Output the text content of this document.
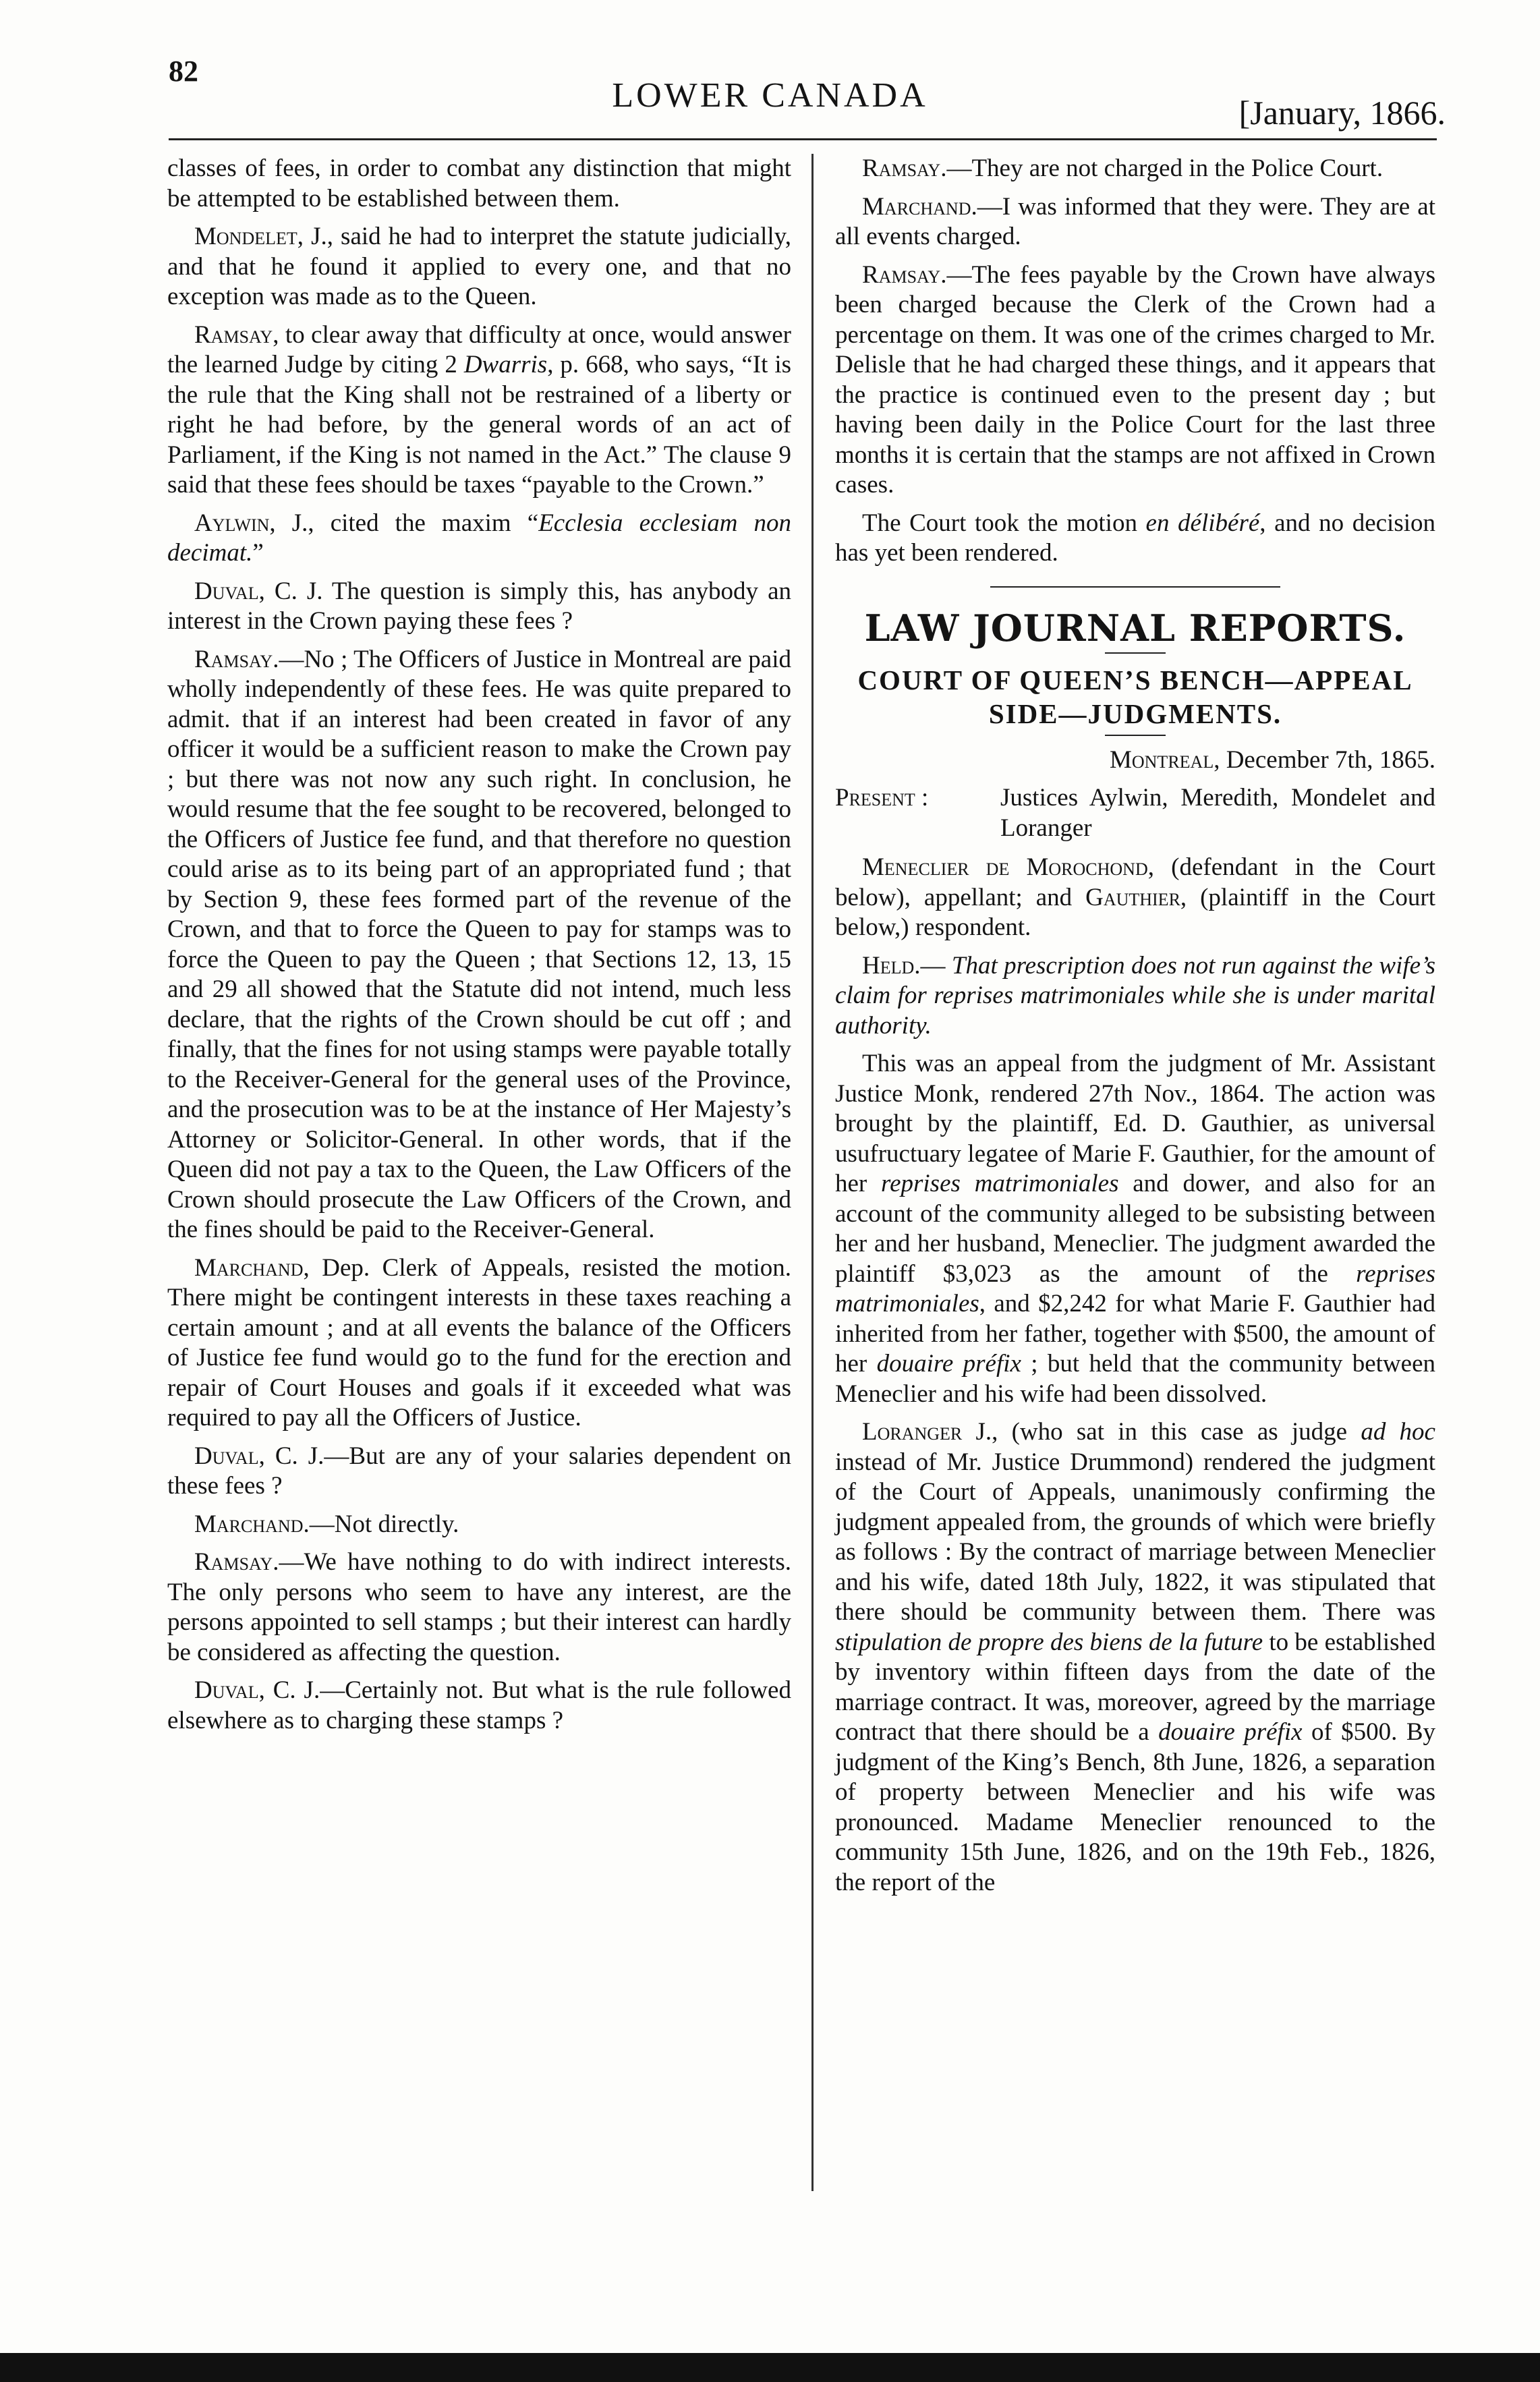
82
LOWER CANADA	[January, 1866.

classes of fees, in order to combat any distinction that might be attempted to be established between them.

Mondelet, J., said he had to interpret the statute judicially, and that he found it applied to every one, and that no exception was made as to the Queen.

Ramsay, to clear away that difficulty at once, would answer the learned Judge by citing 2 Dwarris, p. 668, who says, “It is the rule that the King shall not be restrained of a liberty or right he had before, by the general words of an act of Parliament, if the King is not named in the Act.” The clause 9 said that these fees should be taxes “payable to the Crown.”

Aylwin, J., cited the maxim “Ecclesia ecclesiam non decimat.”

Duval, C. J. The question is simply this, has anybody an interest in the Crown paying these fees ?

Ramsay.—No ; The Officers of Justice in Montreal are paid wholly independently of these fees. He was quite prepared to admit. that if an interest had been created in favor of any officer it would be a sufficient reason to make the Crown pay ; but there was not now any such right. In conclusion, he would resume that the fee sought to be recovered, belonged to the Officers of Justice fee fund, and that therefore no question could arise as to its being part of an appropriated fund ; that by Section 9, these fees formed part of the revenue of the Crown, and that to force the Queen to pay for stamps was to force the Queen to pay the Queen ; that Sections 12, 13, 15 and 29 all showed that the Statute did not intend, much less declare, that the rights of the Crown should be cut off ; and finally, that the fines for not using stamps were payable totally to the Receiver-General for the general uses of the Province, and the prosecution was to be at the instance of Her Majesty’s Attorney or Solicitor-General. In other words, that if the Queen did not pay a tax to the Queen, the Law Officers of the Crown should prosecute the Law Officers of the Crown, and the fines should be paid to the Receiver-General.

Marchand, Dep. Clerk of Appeals, resisted the motion. There might be contingent interests in these taxes reaching a certain amount ; and at all events the balance of the Officers of Justice fee fund would go to the fund for the erection and repair of Court Houses and goals if it exceeded what was required to pay all the Officers of Justice.

Duval, C. J.—But are any of your salaries dependent on these fees ?

Marchand.—Not directly.

Ramsay.—We have nothing to do with indirect interests. The only persons who seem to have any interest, are the persons appointed to sell stamps ; but their interest can hardly be considered as affecting the question.

Duval, C. J.—Certainly not. But what is the rule followed elsewhere as to charging these stamps ?

Ramsay.—They are not charged in the Police Court.

Marchand.—I was informed that they were. They are at all events charged.

Ramsay.—The fees payable by the Crown have always been charged because the Clerk of the Crown had a percentage on them. It was one of the crimes charged to Mr. Delisle that he had charged these things, and it appears that the practice is continued even to the present day ; but having been daily in the Police Court for the last three months it is certain that the stamps are not affixed in Crown cases.

The Court took the motion en délibéré, and no decision has yet been rendered.

LAW JOURNAL REPORTS.
COURT OF QUEEN’S BENCH—APPEAL SIDE—JUDGMENTS.

Montreal, December 7th, 1865.

Present :	Justices Aylwin, Meredith, Mondelet and Loranger

Meneclier de Morochond, (defendant in the Court below), appellant; and Gauthier, (plaintiff in the Court below,) respondent.

Held.— That prescription does not run against the wife’s claim for reprises matrimoniales while she is under marital authority.

This was an appeal from the judgment of Mr. Assistant Justice Monk, rendered 27th Nov., 1864. The action was brought by the plaintiff, Ed. D. Gauthier, as universal usufructuary legatee of Marie F. Gauthier, for the amount of her reprises matrimoniales and dower, and also for an account of the community alleged to be subsisting between her and her husband, Meneclier. The judgment awarded the plaintiff $3,023 as the amount of the reprises matrimoniales, and $2,242 for what Marie F. Gauthier had inherited from her father, together with $500, the amount of her douaire préfix ; but held that the community between Meneclier and his wife had been dissolved.

Loranger J., (who sat in this case as judge ad hoc instead of Mr. Justice Drummond) rendered the judgment of the Court of Appeals, unanimously confirming the judgment appealed from, the grounds of which were briefly as follows : By the contract of marriage between Meneclier and his wife, dated 18th July, 1822, it was stipulated that there should be community between them. There was stipulation de propre des biens de la future to be established by inventory within fifteen days from the date of the marriage contract. It was, moreover, agreed by the marriage contract that there should be a douaire préfix of $500. By judgment of the King’s Bench, 8th June, 1826, a separation of property between Meneclier and his wife was pronounced. Madame Meneclier renounced to the community 15th June, 1826, and on the 19th Feb., 1826, the report of the
